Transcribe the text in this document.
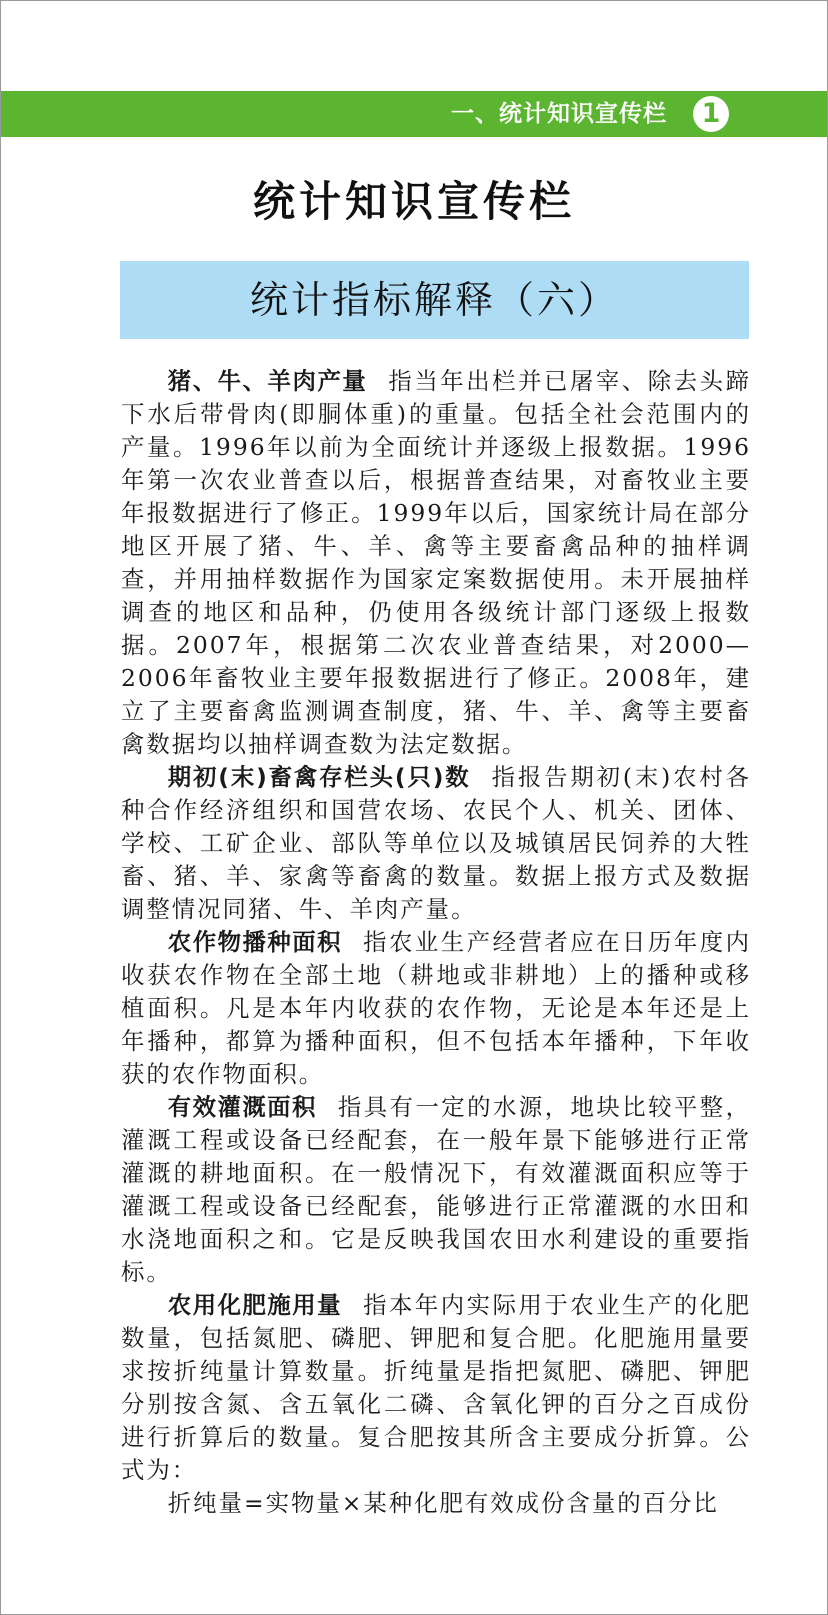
一、统计知识宣传栏	1
统计知识宣传栏
统计指标解释（六）

猪、牛、羊肉产量 指当年出栏并已屠宰、除去头蹄下水后带骨肉(即胴体重)的重量。包括全社会范围内的产量。1996年以前为全面统计并逐级上报数据。1996年第一次农业普查以后，根据普查结果，对畜牧业主要年报数据进行了修正。1999年以后，国家统计局在部分地区开展了猪、牛、羊、禽等主要畜禽品种的抽样调查，并用抽样数据作为国家定案数据使用。未开展抽样调查的地区和品种，仍使用各级统计部门逐级上报数据。2007年，根据第二次农业普查结果，对2000—2006年畜牧业主要年报数据进行了修正。2008年，建立了主要畜禽监测调查制度，猪、牛、羊、禽等主要畜禽数据均以抽样调查数为法定数据。

期初(末)畜禽存栏头(只)数 指报告期初(末)农村各种合作经济组织和国营农场、农民个人、机关、团体、学校、工矿企业、部队等单位以及城镇居民饲养的大牲畜、猪、羊、家禽等畜禽的数量。数据上报方式及数据调整情况同猪、牛、羊肉产量。

农作物播种面积 指农业生产经营者应在日历年度内收获农作物在全部土地（耕地或非耕地）上的播种或移植面积。凡是本年内收获的农作物，无论是本年还是上年播种，都算为播种面积，但不包括本年播种，下年收获的农作物面积。

有效灌溉面积 指具有一定的水源，地块比较平整，灌溉工程或设备已经配套，在一般年景下能够进行正常灌溉的耕地面积。在一般情况下，有效灌溉面积应等于灌溉工程或设备已经配套，能够进行正常灌溉的水田和水浇地面积之和。它是反映我国农田水利建设的重要指标。

农用化肥施用量 指本年内实际用于农业生产的化肥数量，包括氮肥、磷肥、钾肥和复合肥。化肥施用量要求按折纯量计算数量。折纯量是指把氮肥、磷肥、钾肥分别按含氮、含五氧化二磷、含氧化钾的百分之百成份进行折算后的数量。复合肥按其所含主要成分折算。公式为：

折纯量=实物量×某种化肥有效成份含量的百分比
